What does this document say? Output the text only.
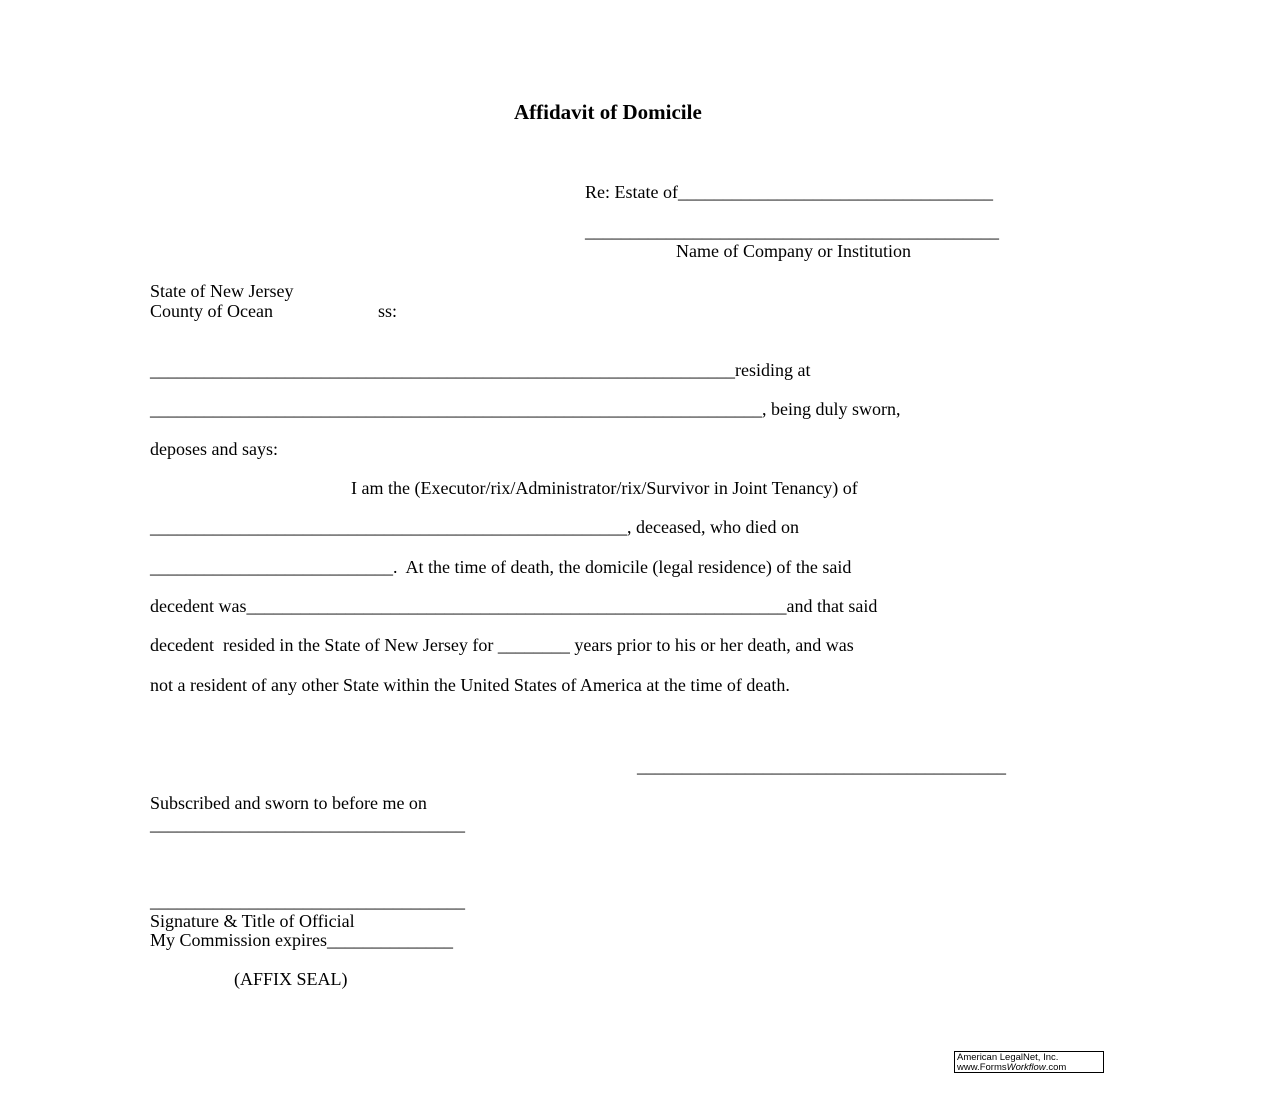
Affidavit of Domicile
Re: Estate of___________________________________
______________________________________________
Name of Company or Institution
State of New Jersey
County of Ocean	ss:
_________________________________________________________________residing at
____________________________________________________________________, being duly sworn,
deposes and says:
I am the (Executor/rix/Administrator/rix/Survivor in Joint Tenancy) of
_____________________________________________________, deceased, who died on
___________________________.  At the time of death, the domicile (legal residence) of the said
decedent was____________________________________________________________and that said
decedent  resided in the State of New Jersey for ________ years prior to his or her death, and was
not a resident of any other State within the United States of America at the time of death.
_________________________________________
Subscribed and sworn to before me on
___________________________________
___________________________________
Signature & Title of Official
My Commission expires______________
(AFFIX SEAL)
American LegalNet, Inc.
www.FormsWorkflow.com
